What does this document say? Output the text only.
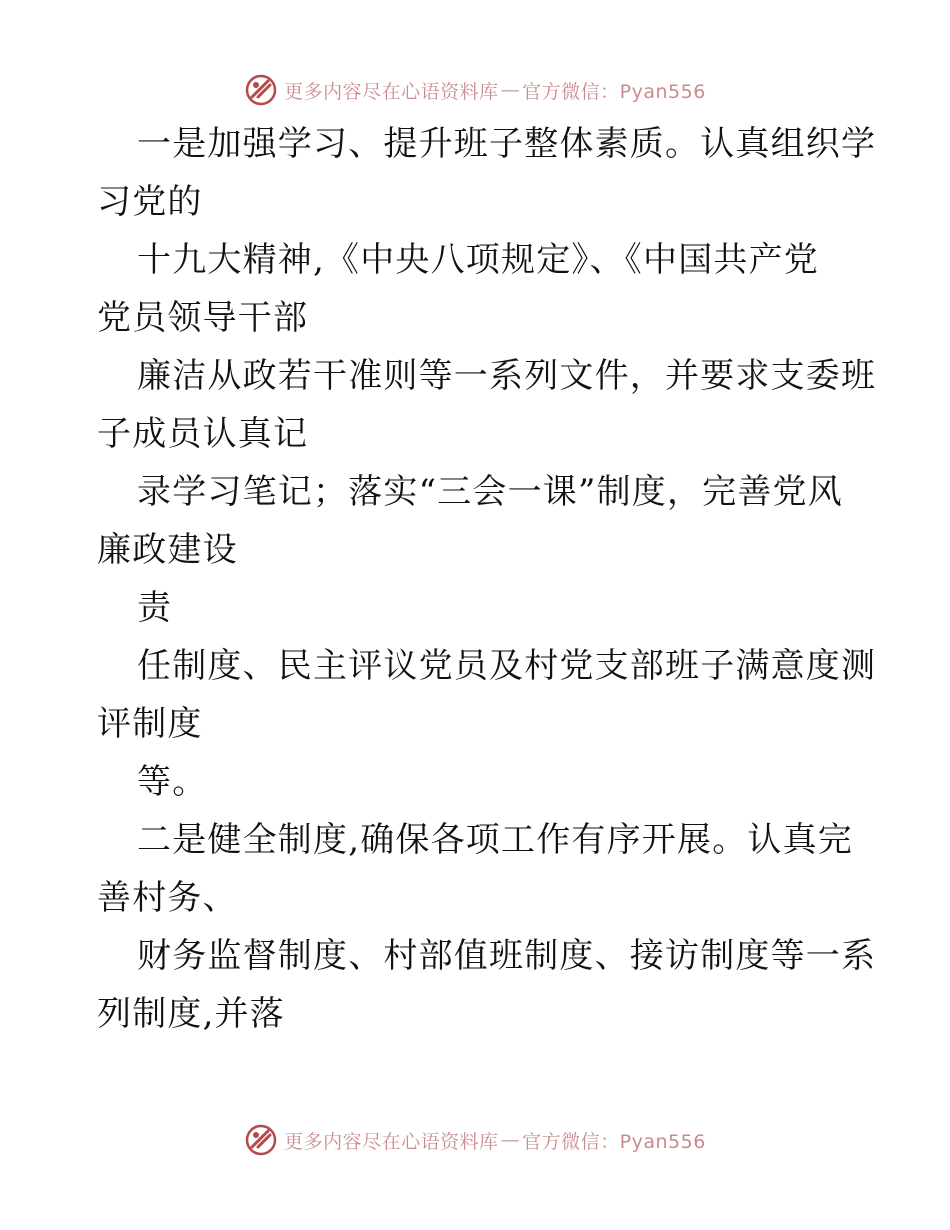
更多内容尽在心语资料库 — 官方微信：Pyan556
一是加强学习、提升班子整体素质。认真组织学
习党的
十九大精神,《中央八项规定》、《中国共产党
党员领导干部
廉洁从政若干准则等一系列文件，并要求支委班
子成员认真记
录学习笔记；落实“三会一课”制度，完善党风
廉政建设
责
任制度、民主评议党员及村党支部班子满意度测
评制度
等。
二是健全制度,确保各项工作有序开展。认真完
善村务、
财务监督制度、村部值班制度、接访制度等一系
列制度,并落
更多内容尽在心语资料库 — 官方微信：Pyan556
